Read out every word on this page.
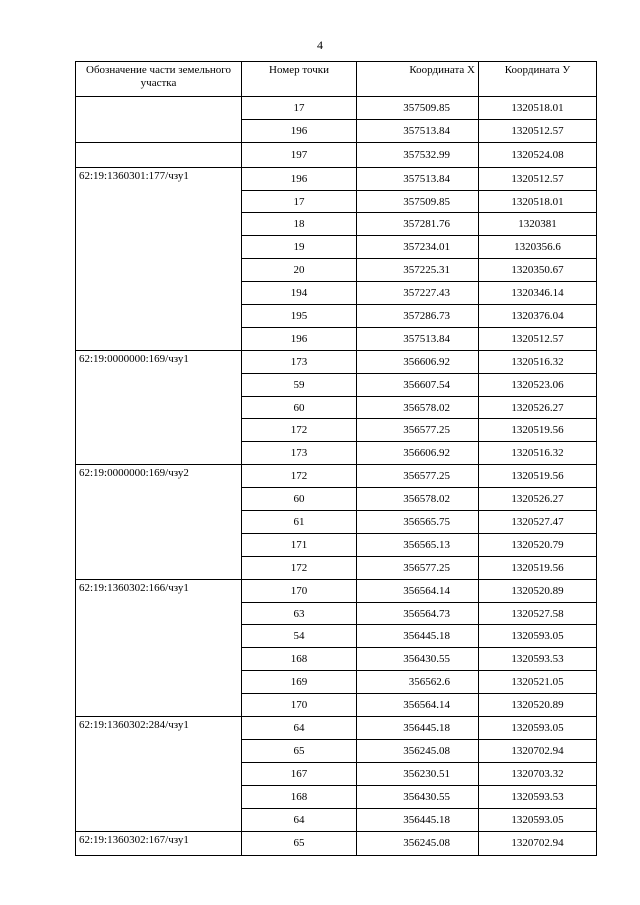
4
Обозначение части земельного участка	Номер точки	Координата Х	Координата У
	17	357509.85	1320518.01
	196	357513.84	1320512.57
	197	357532.99	1320524.08
62:19:1360301:177/чзу1	196	357513.84	1320512.57
	17	357509.85	1320518.01
	18	357281.76	1320381
	19	357234.01	1320356.6
	20	357225.31	1320350.67
	194	357227.43	1320346.14
	195	357286.73	1320376.04
	196	357513.84	1320512.57
62:19:0000000:169/чзу1	173	356606.92	1320516.32
	59	356607.54	1320523.06
	60	356578.02	1320526.27
	172	356577.25	1320519.56
	173	356606.92	1320516.32
62:19:0000000:169/чзу2	172	356577.25	1320519.56
	60	356578.02	1320526.27
	61	356565.75	1320527.47
	171	356565.13	1320520.79
	172	356577.25	1320519.56
62:19:1360302:166/чзу1	170	356564.14	1320520.89
	63	356564.73	1320527.58
	54	356445.18	1320593.05
	168	356430.55	1320593.53
	169	356562.6	1320521.05
	170	356564.14	1320520.89
62:19:1360302:284/чзу1	64	356445.18	1320593.05
	65	356245.08	1320702.94
	167	356230.51	1320703.32
	168	356430.55	1320593.53
	64	356445.18	1320593.05
62:19:1360302:167/чзу1	65	356245.08	1320702.94
